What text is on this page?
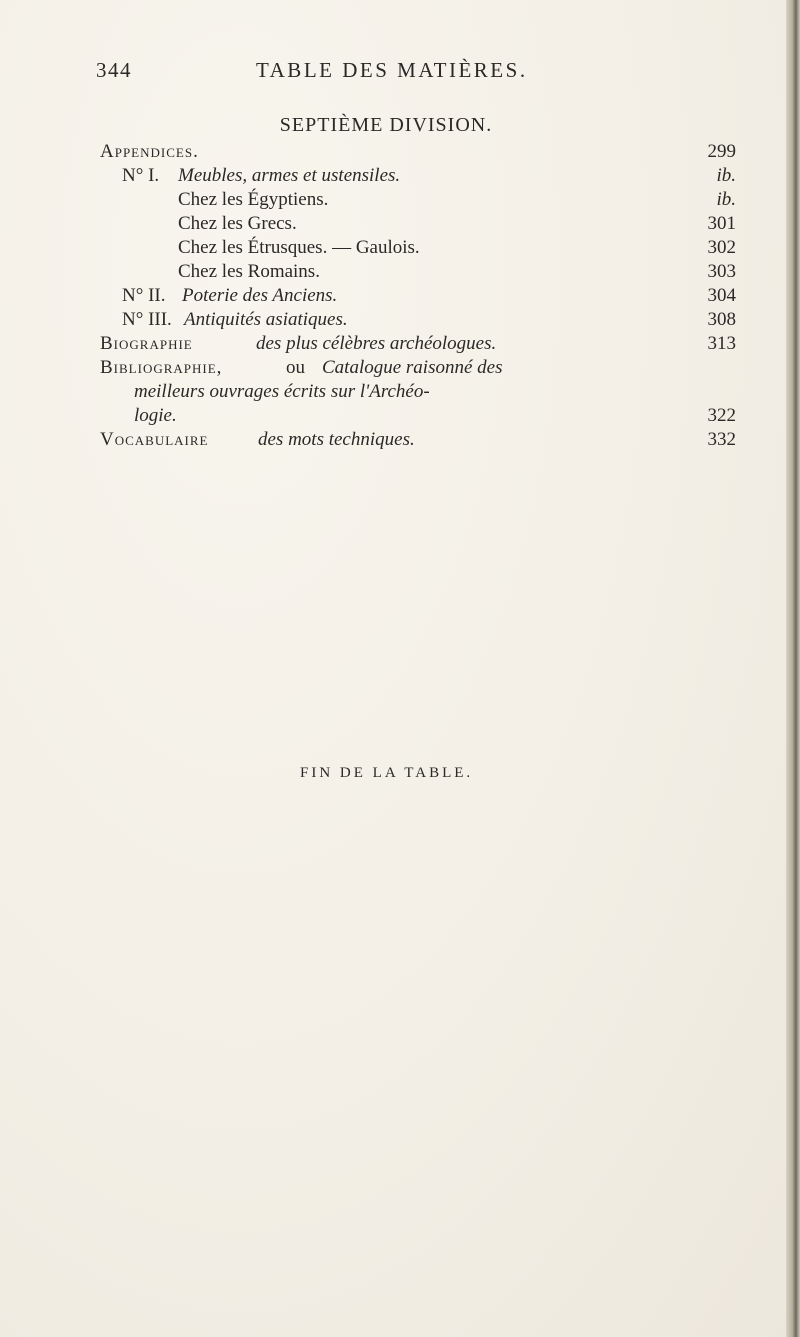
344	TABLE DES MATIÈRES.
SEPTIÈME DIVISION.
Appendices.	299
N° I. Meubles, armes et ustensiles.	ib.
Chez les Égyptiens.	ib.
Chez les Grecs.	301
Chez les Étrusques. — Gaulois.	302
Chez les Romains.	303
N° II. Poterie des Anciens.	304
N° III. Antiquités asiatiques.	308
Biographie	des plus célèbres archéologues.	313
Bibliographie,	ou Catalogue raisonné des
meilleurs ouvrages écrits sur l'Archéo-
logie.	322
Vocabulaire	des mots techniques.	332
FIN DE LA TABLE.
